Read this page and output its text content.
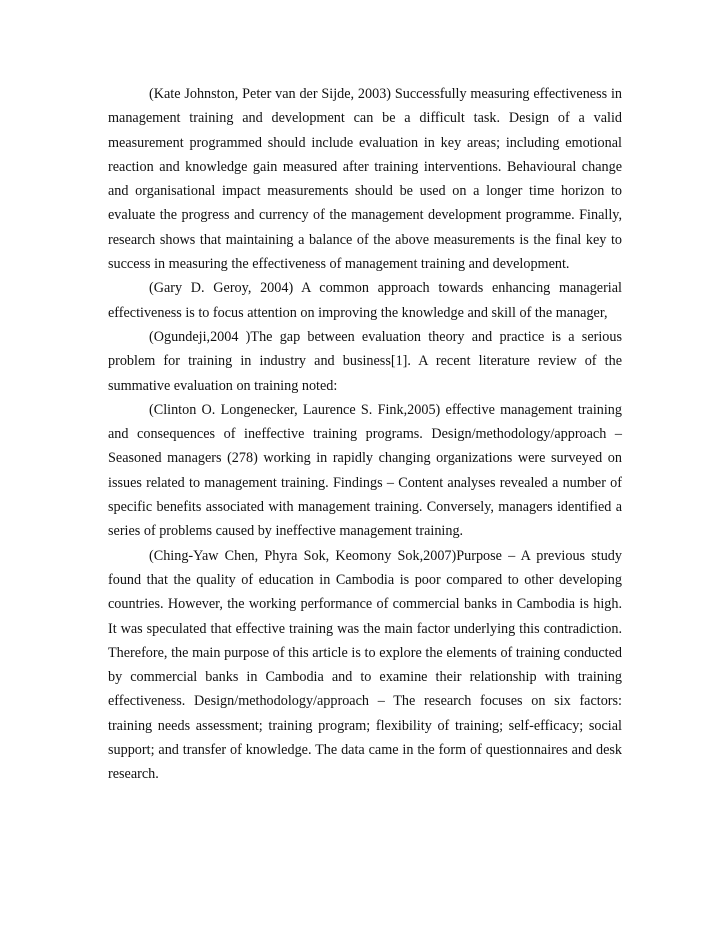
(Kate Johnston, Peter van der Sijde, 2003) Successfully measuring effectiveness in management training and development can be a difficult task. Design of a valid measurement programmed should include evaluation in key areas; including emotional reaction and knowledge gain measured after training interventions. Behavioural change and organisational impact measurements should be used on a longer time horizon to evaluate the progress and currency of the management development programme. Finally, research shows that maintaining a balance of the above measurements is the final key to success in measuring the effectiveness of management training and development.

(Gary D. Geroy, 2004) A common approach towards enhancing managerial effectiveness is to focus attention on improving the knowledge and skill of the manager,

(Ogundeji,2004 )The gap between evaluation theory and practice is a serious problem for training in industry and business[1]. A recent literature review of the summative evaluation on training noted:

(Clinton O. Longenecker, Laurence S. Fink,2005) effective management training and consequences of ineffective training programs. Design/methodology/approach – Seasoned managers (278) working in rapidly changing organizations were surveyed on issues related to management training. Findings – Content analyses revealed a number of specific benefits associated with management training. Conversely, managers identified a series of problems caused by ineffective management training.

(Ching-Yaw Chen, Phyra Sok, Keomony Sok,2007)Purpose – A previous study found that the quality of education in Cambodia is poor compared to other developing countries. However, the working performance of commercial banks in Cambodia is high. It was speculated that effective training was the main factor underlying this contradiction. Therefore, the main purpose of this article is to explore the elements of training conducted by commercial banks in Cambodia and to examine their relationship with training effectiveness. Design/methodology/approach – The research focuses on six factors: training needs assessment; training program; flexibility of training; self-efficacy; social support; and transfer of knowledge. The data came in the form of questionnaires and desk research.
